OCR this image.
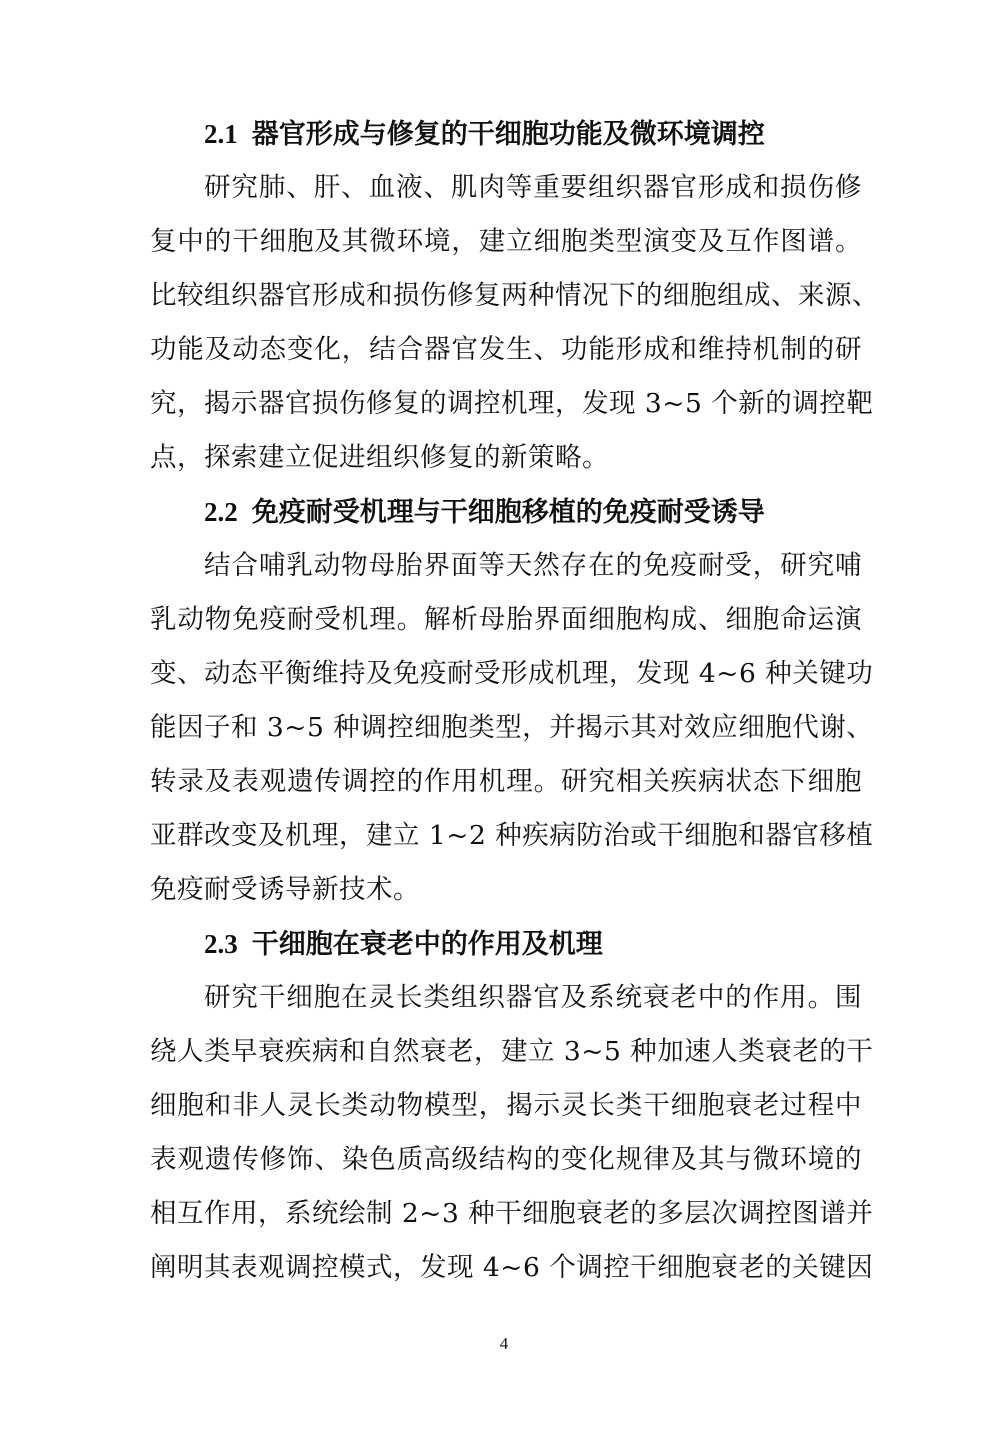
2.1 器官形成与修复的干细胞功能及微环境调控
研究肺、肝、血液、肌肉等重要组织器官形成和损伤修
复中的干细胞及其微环境，建立细胞类型演变及互作图谱。
比较组织器官形成和损伤修复两种情况下的细胞组成、来源、
功能及动态变化，结合器官发生、功能形成和维持机制的研
究，揭示器官损伤修复的调控机理，发现 3~5 个新的调控靶
点，探索建立促进组织修复的新策略。
2.2 免疫耐受机理与干细胞移植的免疫耐受诱导
结合哺乳动物母胎界面等天然存在的免疫耐受，研究哺
乳动物免疫耐受机理。解析母胎界面细胞构成、细胞命运演
变、动态平衡维持及免疫耐受形成机理，发现 4~6 种关键功
能因子和 3~5 种调控细胞类型，并揭示其对效应细胞代谢、
转录及表观遗传调控的作用机理。研究相关疾病状态下细胞
亚群改变及机理，建立 1~2 种疾病防治或干细胞和器官移植
免疫耐受诱导新技术。
2.3 干细胞在衰老中的作用及机理
研究干细胞在灵长类组织器官及系统衰老中的作用。围
绕人类早衰疾病和自然衰老，建立 3~5 种加速人类衰老的干
细胞和非人灵长类动物模型，揭示灵长类干细胞衰老过程中
表观遗传修饰、染色质高级结构的变化规律及其与微环境的
相互作用，系统绘制 2~3 种干细胞衰老的多层次调控图谱并
阐明其表观调控模式，发现 4~6 个调控干细胞衰老的关键因
4
